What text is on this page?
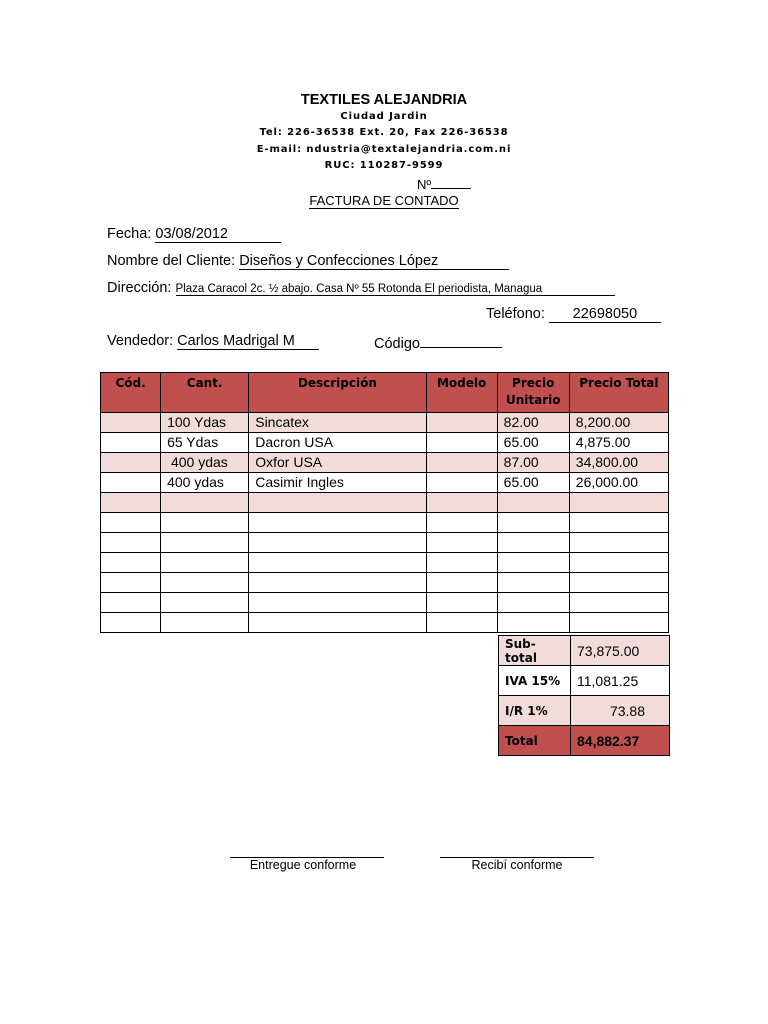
TEXTILES ALEJANDRIA
Ciudad Jardin
Tel: 226-36538 Ext. 20, Fax 226-36538
E-mail: ndustria@textalejandria.com.ni
RUC: 110287-9599
Nº
FACTURA DE CONTADO
Fecha: 03/08/2012
Nombre del Cliente: Diseños y Confecciones López
Dirección: Plaza Caracol 2c. ½ abajo. Casa Nº 55 Rotonda El periodista, Managua
Teléfono: 22698050
Vendedor: Carlos Madrigal M	Código
Cód.	Cant.	Descripción	Modelo	Precio Unitario	Precio Total
	100 Ydas	Sincatex		82.00	8,200.00
	65 Ydas	Dacron USA		65.00	4,875.00
	400 ydas	Oxfor USA		87.00	34,800.00
	400 ydas	Casimir Ingles		65.00	26,000.00

Sub-total	73,875.00
IVA 15%	11,081.25
I/R 1%	73.88
Total	84,882.37
Entregue conforme	Recibí conforme
